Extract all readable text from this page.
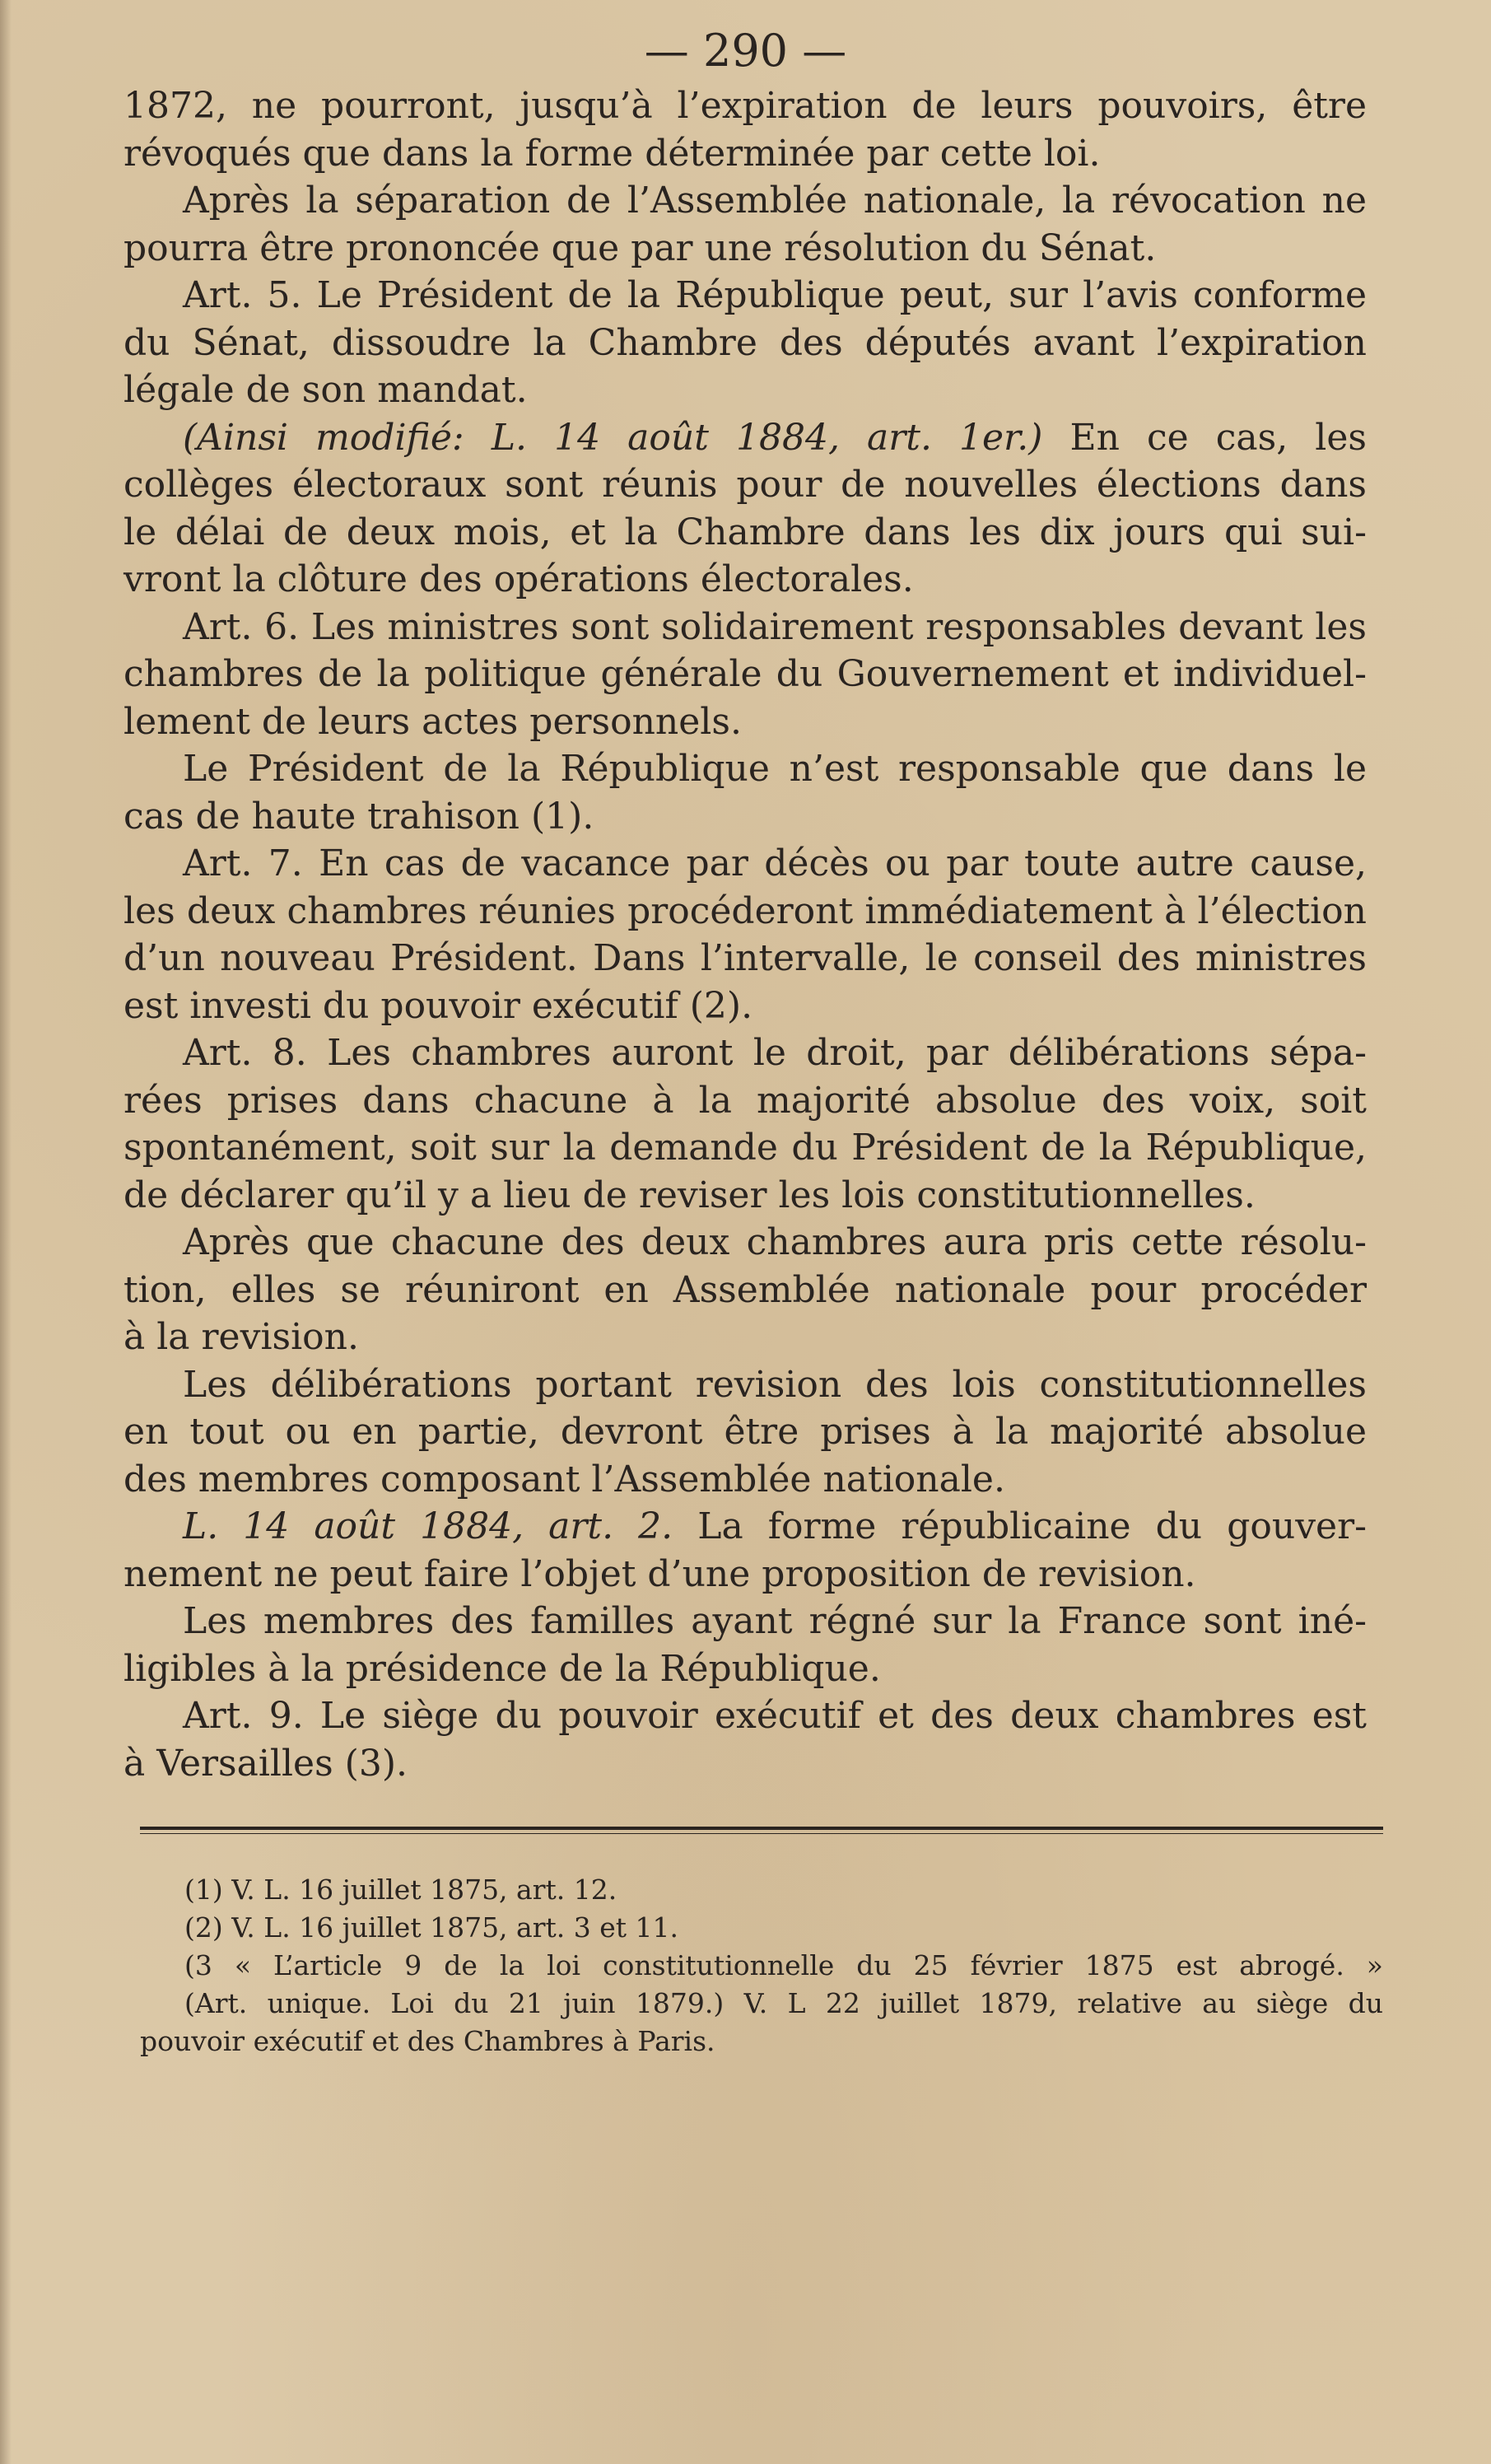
— 290 —
1872, ne pourront, jusqu’à l’expiration de leurs pouvoirs, être
révoqués que dans la forme déterminée par cette loi.
Après la séparation de l’Assemblée nationale, la révocation ne
pourra être prononcée que par une résolution du Sénat.
Art. 5. Le Président de la République peut, sur l’avis conforme
du Sénat, dissoudre la Chambre des députés avant l’expiration
légale de son mandat.
(Ainsi modifié: L. 14 août 1884, art. 1er.) En ce cas, les
collèges électoraux sont réunis pour de nouvelles élections dans
le délai de deux mois, et la Chambre dans les dix jours qui sui-
vront la clôture des opérations électorales.
Art. 6. Les ministres sont solidairement responsables devant les
chambres de la politique générale du Gouvernement et individuel-
lement de leurs actes personnels.
Le Président de la République n’est responsable que dans le
cas de haute trahison (1).
Art. 7. En cas de vacance par décès ou par toute autre cause,
les deux chambres réunies procéderont immédiatement à l’élection
d’un nouveau Président. Dans l’intervalle, le conseil des ministres
est investi du pouvoir exécutif (2).
Art. 8. Les chambres auront le droit, par délibérations sépa-
rées prises dans chacune à la majorité absolue des voix, soit
spontanément, soit sur la demande du Président de la République,
de déclarer qu’il y a lieu de reviser les lois constitutionnelles.
Après que chacune des deux chambres aura pris cette résolu-
tion, elles se réuniront en Assemblée nationale pour procéder
à la revision.
Les délibérations portant revision des lois constitutionnelles
en tout ou en partie, devront être prises à la majorité absolue
des membres composant l’Assemblée nationale.
L. 14 août 1884, art. 2. La forme républicaine du gouver-
nement ne peut faire l’objet d’une proposition de revision.
Les membres des familles ayant régné sur la France sont iné-
ligibles à la présidence de la République.
Art. 9. Le siège du pouvoir exécutif et des deux chambres est
à Versailles (3).
(1) V. L. 16 juillet 1875, art. 12.
(2) V. L. 16 juillet 1875, art. 3 et 11.
(3 « L’article 9 de la loi constitutionnelle du 25 février 1875 est abrogé. »
(Art. unique. Loi du 21 juin 1879.) V. L 22 juillet 1879, relative au siège du
pouvoir exécutif et des Chambres à Paris.
